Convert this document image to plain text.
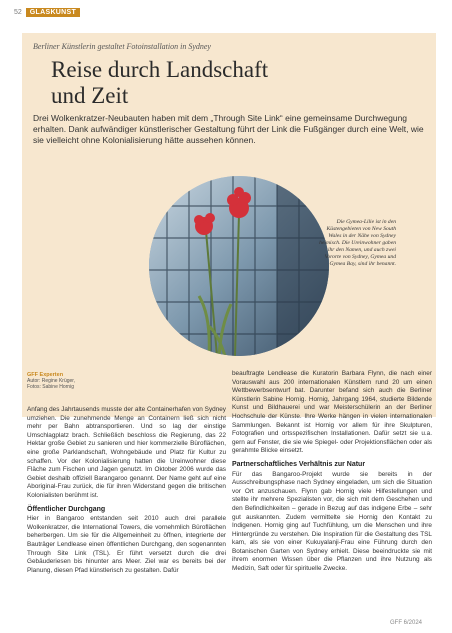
52	GLASKUNST
Berliner Künstlerin gestaltet Fotoinstallation in Sydney
Reise durch Landschaft
und Zeit
Drei Wolkenkratzer-Neubauten haben mit dem „Through Site Link“ eine gemeinsame Durchwegung erhalten. Dank aufwändiger künstlerischer Gestaltung führt der Link die Fußgänger durch eine Welt, wie sie vielleicht ohne Kolonialisierung hätte aussehen können.
Die Gymea-Lilie ist in den Küstengebieten von New South Wales in der Nähe von Sydney heimisch. Die Ureinwohner gaben ihr den Namen, und auch zwei Vororte von Sydney, Gymea und Gymea Bay, sind ihr benannt.
GFF Experten
Autor: Regine Krüger,
Fotos: Sabine Hornig

Anfang des Jahrtausends musste der alte Containerhafen von Sydney umziehen. Die zunehmende Menge an Containern ließ sich nicht mehr per Bahn abtransportieren. Und so lag der einstige Umschlagplatz brach. Schließlich beschloss die Regierung, das 22 Hektar große Gebiet zu sanieren und hier kommerzielle Büroflächen, eine große Parklandschaft, Wohngebäude und Platz für Kultur zu schaffen. Vor der Kolonialisierung hatten die Ureinwohner diese Fläche zum Fischen und Jagen genutzt. Im Oktober 2006 wurde das Gebiet deshalb offiziell Barangaroo genannt. Der Name geht auf eine Aboriginal-Frau zurück, die für ihren Widerstand gegen die britischen Kolonialisten berühmt ist.

Öffentlicher Durchgang

Hier in Bangaroo entstanden seit 2010 auch drei parallele Wolkenkratzer, die International Towers, die vornehmlich Büroflächen beherbergen. Um sie für die Allgemeinheit zu öffnen, integrierte der Bauträger Lendlease einen öffentlichen Durchgang, den sogenannten Through Site Link (TSL). Er führt versetzt durch die drei Gebäuderiesen bis hinunter ans Meer. Ziel war es bereits bei der Planung, diesen Pfad künstlerisch zu gestalten. Dafür

beauftragte Lendlease die Kuratorin Barbara Flynn, die nach einer Vorauswahl aus 200 internationalen Künstlern rund 20 um einen Wettbewerbsentwurf bat. Darunter befand sich auch die Berliner Künstlerin Sabine Hornig. Hornig, Jahrgang 1964, studierte Bildende Kunst und Bildhauerei und war Meisterschülerin an der Berliner Hochschule der Künste. Ihre Werke hängen in vielen internationalen Sammlungen. Bekannt ist Hornig vor allem für ihre Skulpturen, Fotografien und ortsspezifischen Installationen. Dafür setzt sie u.a. gern auf Fenster, die sie wie Spiegel- oder Projektionsflächen oder als gerahmte Blicke einsetzt.

Partnerschaftliches Verhältnis zur Natur

Für das Bangaroo-Projekt wurde sie bereits in der Ausschreibungsphase nach Sydney eingeladen, um sich die Situation vor Ort anzuschauen. Flynn gab Hornig viele Hilfestellungen und stellte ihr mehrere Spezialisten vor, die sich mit dem Geschehen und den Befindlichkeiten – gerade in Bezug auf das indigene Erbe – sehr gut auskannten. Zudem vermittelte sie Hornig den Kontakt zu Indigenen. Hornig ging auf Tuchfühlung, um die Menschen und ihre Hintergründe zu verstehen. Die Inspiration für die Gestaltung des TSL kam, als sie von einer Kukuyalanji-Frau eine Führung durch den Botanischen Garten von Sydney erhielt. Diese beeindruckte sie mit ihrem enormen Wissen über die Pflanzen und ihre Nutzung als Medizin, Saft oder für spirituelle Zwecke.

GFF 6/2024
